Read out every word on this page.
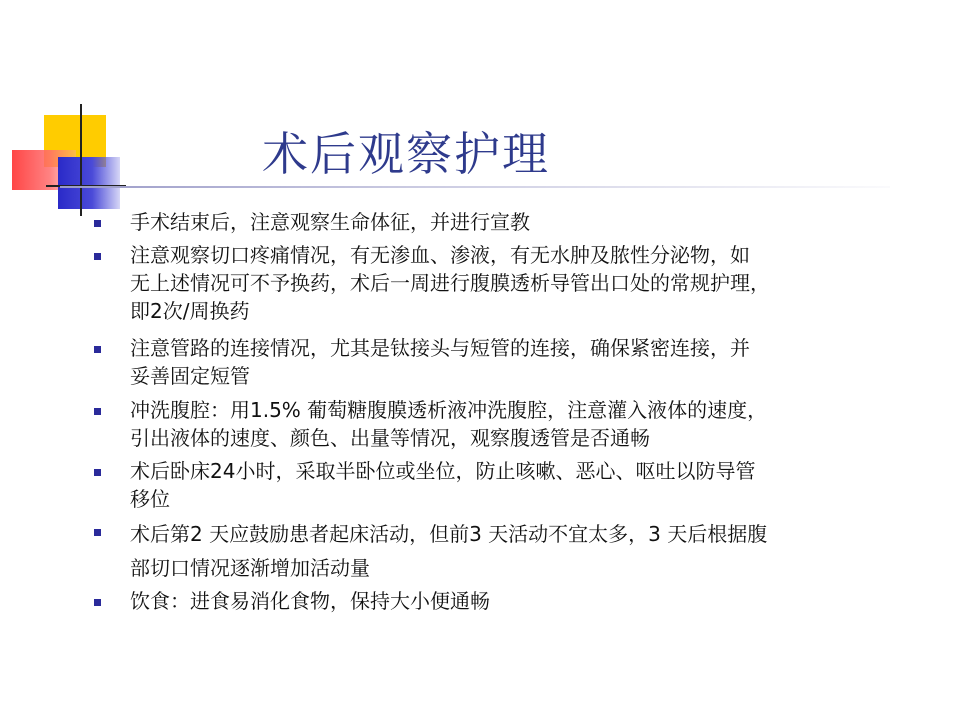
术后观察护理
手术结束后，注意观察生命体征，并进行宣教
注意观察切口疼痛情况，有无渗血、渗液，有无水肿及脓性分泌物，如
无上述情况可不予换药，术后一周进行腹膜透析导管出口处的常规护理，
即2次/周换药
注意管路的连接情况，尤其是钛接头与短管的连接，确保紧密连接，并
妥善固定短管
冲洗腹腔：用1.5% 葡萄糖腹膜透析液冲洗腹腔，注意灌入液体的速度，
引出液体的速度、颜色、出量等情况，观察腹透管是否通畅
术后卧床24小时，采取半卧位或坐位，防止咳嗽、恶心、呕吐以防导管
移位
术后第2 天应鼓励患者起床活动，但前3 天活动不宜太多，3 天后根据腹
部切口情况逐渐增加活动量
饮食：进食易消化食物，保持大小便通畅
